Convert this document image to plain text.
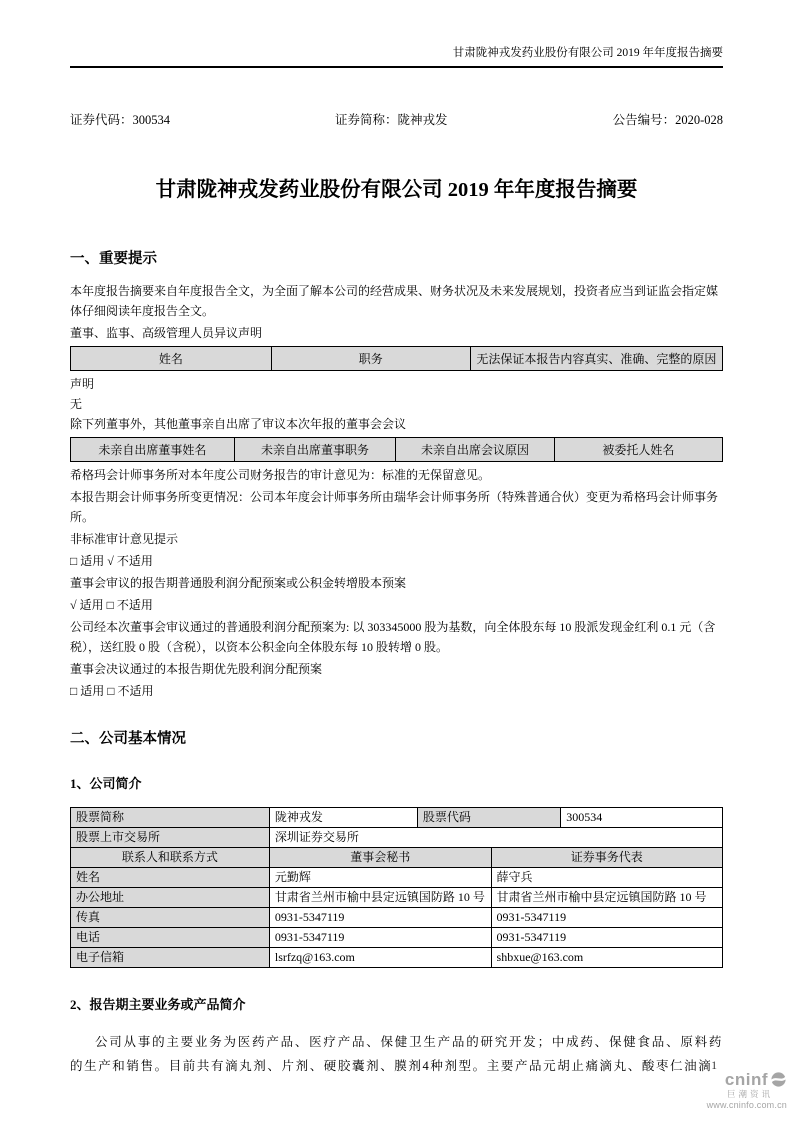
甘肃陇神戎发药业股份有限公司 2019 年年度报告摘要
证券代码：300534	证券简称：陇神戎发	公告编号：2020-028
甘肃陇神戎发药业股份有限公司 2019 年年度报告摘要
一、重要提示

本年度报告摘要来自年度报告全文，为全面了解本公司的经营成果、财务状况及未来发展规划，投资者应当到证监会指定媒体仔细阅读年度报告全文。

董事、监事、高级管理人员异议声明

姓名	职务	无法保证本报告内容真实、准确、完整的原因

声明

无

除下列董事外，其他董事亲自出席了审议本次年报的董事会会议

未亲自出席董事姓名	未亲自出席董事职务	未亲自出席会议原因	被委托人姓名

希格玛会计师事务所对本年度公司财务报告的审计意见为：标准的无保留意见。

本报告期会计师事务所变更情况：公司本年度会计师事务所由瑞华会计师事务所（特殊普通合伙）变更为希格玛会计师事务所。

非标准审计意见提示

□ 适用 √ 不适用

董事会审议的报告期普通股利润分配预案或公积金转增股本预案

√ 适用 □ 不适用

公司经本次董事会审议通过的普通股利润分配预案为: 以 303345000 股为基数，向全体股东每 10 股派发现金红利 0.1 元（含税），送红股 0 股（含税），以资本公积金向全体股东每 10 股转增 0 股。

董事会决议通过的本报告期优先股利润分配预案

□ 适用 □ 不适用

二、公司基本情况
1、公司简介
股票简称	陇神戎发	股票代码		300534
股票上市交易所	深圳证券交易所			
联系人和联系方式	董事会秘书		证券事务代表	
姓名	元勤辉		薛守兵	
办公地址	甘肃省兰州市榆中县定远镇国防路 10 号		甘肃省兰州市榆中县定远镇国防路 10 号	
传真	0931-5347119		0931-5347119	
电话	0931-5347119		0931-5347119	
电子信箱	lsrfzq@163.com		shbxue@163.com	
2、报告期主要业务或产品简介

公司从事的主要业务为医药产品、医疗产品、保健卫生产品的研究开发；中成药、保健食品、原料药的生产和销售。目前共有滴丸剂、片剂、硬胶囊剂、膜剂4种剂型。主要产品元胡止痛滴丸、酸枣仁油滴

1
cninf
巨潮资讯
www.cninfo.com.cn
